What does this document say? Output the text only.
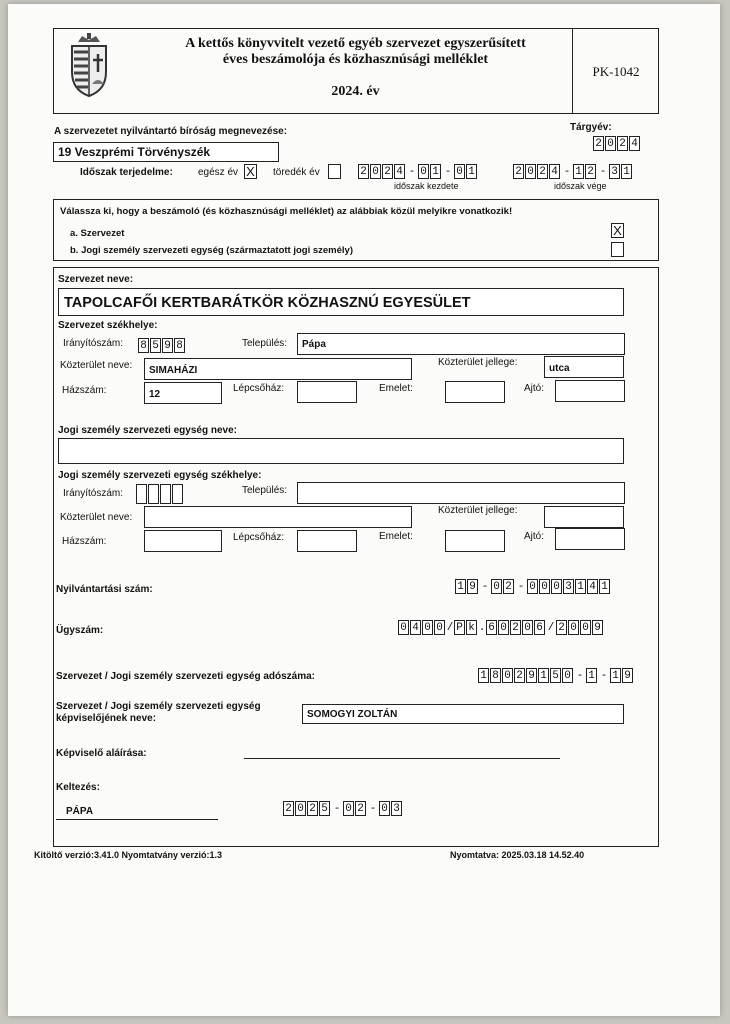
A kettős könyvvitelt vezető egyéb szervezet egyszerűsített
éves beszámolója és közhasznúsági melléklet
2024. év
PK-1042
A szervezetet nyilvántartó bíróság megnevezése:	Tárgyév:
2 0 2 4
19 Veszprémi Törvényszék
Időszak terjedelme:	egész év X töredék év	2 0 2 4 - 0 1 - 0 1
időszak kezdete
2 0 2 4 - 1 2 - 3 1
időszak vége
Válassza ki, hogy a beszámoló (és közhasznúsági melléklet) az alábbiak közül melyikre vonatkozik!
a. Szervezet	X
b. Jogi személy szervezeti egység (származtatott jogi személy)
Szervezet neve:
TAPOLCAFŐI KERTBARÁTKÖR KÖZHASZNÚ EGYESÜLET
Szervezet székhelye:
Irányítószám: 8 5 9 8	Település:	Pápa
Közterület neve:	SIMAHÁZI
Közterület jellege:
utca
Házszám:	12
Lépcsőház:	Emelet:	Ajtó:
Jogi személy szervezeti egység neve:
Jogi személy szervezeti egység székhelye:
Irányítószám:	Település:
Közterület neve:
Közterület jellege:
Házszám:	Lépcsőház:	Emelet:	Ajtó:
Nyilvántartási szám:	1 9 - 0 2 - 0 0 0 3 1 4 1
Ügyszám:	0 4 0 0 / P k . 6 0 2 0 6 / 2 0 0 9
Szervezet / Jogi személy szervezeti egység adószáma:	1 8 0 2 9 1 5 0 - 1 - 1 9
Szervezet / Jogi személy szervezeti egység
képviselőjének neve:	SOMOGYI ZOLTÁN
Képviselő aláírása:
Keltezés:
PÁPA	2 0 2 5 - 0 2 - 0 3
Kitöltő verzió:3.41.0 Nyomtatvány verzió:1.3	Nyomtatva: 2025.03.18 14.52.40
